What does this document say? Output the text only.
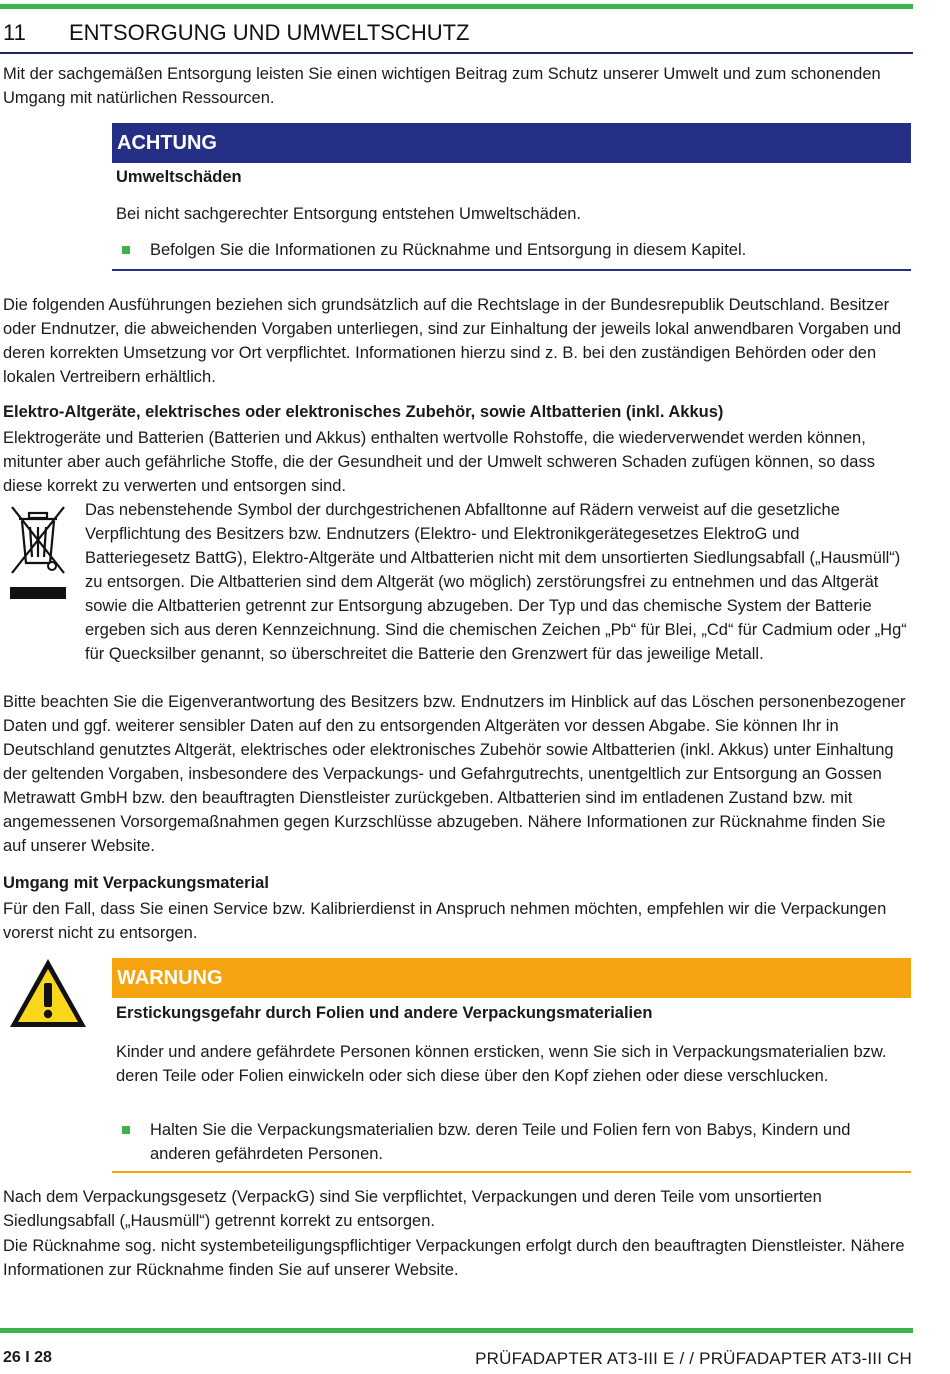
11 ENTSORGUNG UND UMWELTSCHUTZ
Mit der sachgemäßen Entsorgung leisten Sie einen wichtigen Beitrag zum Schutz unserer Umwelt und zum schonenden Umgang mit natürlichen Ressourcen.
ACHTUNG
Umweltschäden
Bei nicht sachgerechter Entsorgung entstehen Umweltschäden.
Befolgen Sie die Informationen zu Rücknahme und Entsorgung in diesem Kapitel.
Die folgenden Ausführungen beziehen sich grundsätzlich auf die Rechtslage in der Bundesrepublik Deutschland. Besitzer oder Endnutzer, die abweichenden Vorgaben unterliegen, sind zur Einhaltung der jeweils lokal anwendbaren Vorgaben und deren korrekten Umsetzung vor Ort verpflichtet. Informationen hierzu sind z. B. bei den zuständigen Behörden oder den lokalen Vertreibern erhältlich.
Elektro-Altgeräte, elektrisches oder elektronisches Zubehör, sowie Altbatterien (inkl. Akkus)
Elektrogeräte und Batterien (Batterien und Akkus) enthalten wertvolle Rohstoffe, die wiederverwendet werden können, mitunter aber auch gefährliche Stoffe, die der Gesundheit und der Umwelt schweren Schaden zufügen können, so dass diese korrekt zu verwerten und entsorgen sind.
Das nebenstehende Symbol der durchgestrichenen Abfalltonne auf Rädern verweist auf die gesetzliche Verpflichtung des Besitzers bzw. Endnutzers (Elektro- und Elektronikgerätegesetzes ElektroG und Batteriegesetz BattG), Elektro-Altgeräte und Altbatterien nicht mit dem unsortierten Siedlungsabfall („Hausmüll“) zu entsorgen. Die Altbatterien sind dem Altgerät (wo möglich) zerstörungsfrei zu entnehmen und das Altgerät sowie die Altbatterien getrennt zur Entsorgung abzugeben. Der Typ und das chemische System der Batterie ergeben sich aus deren Kennzeichnung. Sind die chemischen Zeichen „Pb“ für Blei, „Cd“ für Cadmium oder „Hg“ für Quecksilber genannt, so überschreitet die Batterie den Grenzwert für das jeweilige Metall.
Bitte beachten Sie die Eigenverantwortung des Besitzers bzw. Endnutzers im Hinblick auf das Löschen personenbezogener Daten und ggf. weiterer sensibler Daten auf den zu entsorgenden Altgeräten vor dessen Abgabe. Sie können Ihr in Deutschland genutztes Altgerät, elektrisches oder elektronisches Zubehör sowie Altbatterien (inkl. Akkus) unter Einhaltung der geltenden Vorgaben, insbesondere des Verpackungs- und Gefahrgutrechts, unentgeltlich zur Entsorgung an Gossen Metrawatt GmbH bzw. den beauftragten Dienstleister zurückgeben. Altbatterien sind im entladenen Zustand bzw. mit angemessenen Vorsorgemaßnahmen gegen Kurzschlüsse abzugeben. Nähere Informationen zur Rücknahme finden Sie auf unserer Website.
Umgang mit Verpackungsmaterial
Für den Fall, dass Sie einen Service bzw. Kalibrierdienst in Anspruch nehmen möchten, empfehlen wir die Verpackungen vorerst nicht zu entsorgen.
WARNUNG
Erstickungsgefahr durch Folien und andere Verpackungsmaterialien
Kinder und andere gefährdete Personen können ersticken, wenn Sie sich in Verpackungsmaterialien bzw. deren Teile oder Folien einwickeln oder sich diese über den Kopf ziehen oder diese verschlucken.
Halten Sie die Verpackungsmaterialien bzw. deren Teile und Folien fern von Babys, Kindern und anderen gefährdeten Personen.
Nach dem Verpackungsgesetz (VerpackG) sind Sie verpflichtet, Verpackungen und deren Teile vom unsortierten Siedlungsabfall („Hausmüll“) getrennt korrekt zu entsorgen.
Die Rücknahme sog. nicht systembeteiligungspflichtiger Verpackungen erfolgt durch den beauftragten Dienstleister. Nähere Informationen zur Rücknahme finden Sie auf unserer Website.
26 I 28	PRÜFADAPTER AT3-III E / / PRÜFADAPTER AT3-III CH
